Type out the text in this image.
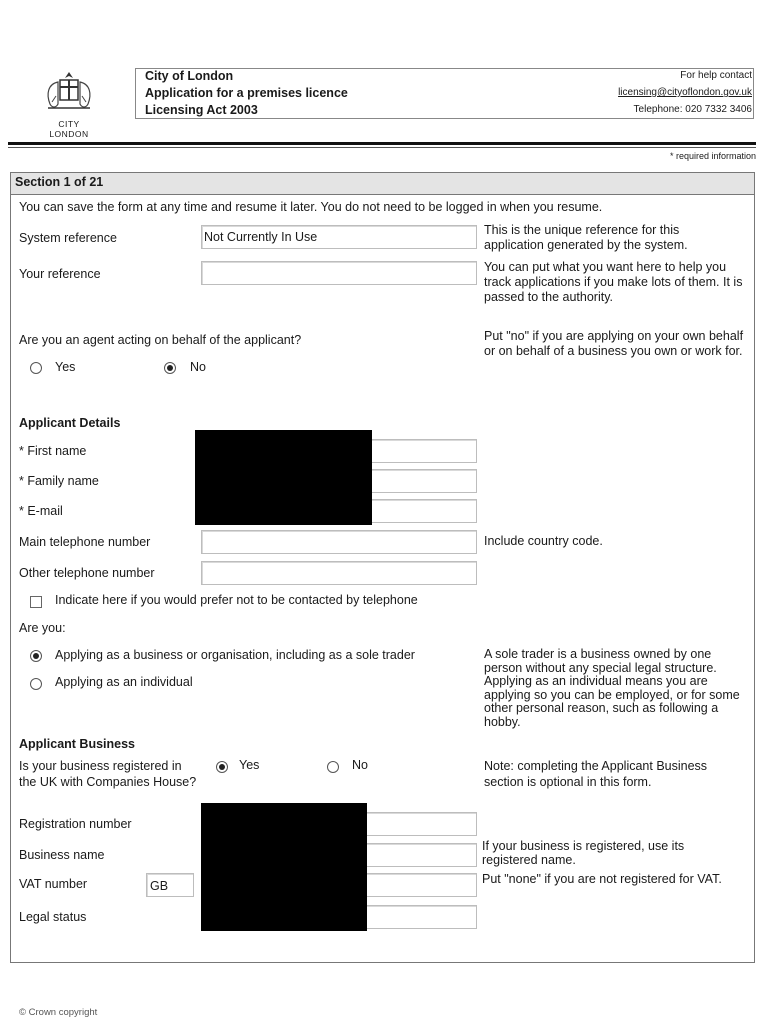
CITY LONDON
City of London
Application for a premises licence
Licensing Act 2003
For help contact
licensing@cityoflondon.gov.uk
Telephone: 020 7332 3406
* required information
Section 1 of 21
You can save the form at any time and resume it later. You do not need to be logged in when you resume.
System reference	Not Currently In Use	This is the unique reference for this application generated by the system.
Your reference	You can put what you want here to help you track applications if you make lots of them. It is passed to the authority.
Are you an agent acting on behalf of the applicant?
Yes	No
Put "no" if you are applying on your own behalf or on behalf of a business you own or work for.
Applicant Details
* First name
* Family name
* E-mail
Main telephone number	Include country code.
Other telephone number
Indicate here if you would prefer not to be contacted by telephone
Are you:
Applying as a business or organisation, including as a sole trader
Applying as an individual
A sole trader is a business owned by one person without any special legal structure. Applying as an individual means you are applying so you can be employed, or for some other personal reason, such as following a hobby.
Applicant Business
Is your business registered in the UK with Companies House?
Yes	No	Note: completing the Applicant Business section is optional in this form.
Registration number
Business name
If your business is registered, use its registered name.
VAT number	GB	Put "none" if you are not registered for VAT.
Legal status
© Crown copyright
